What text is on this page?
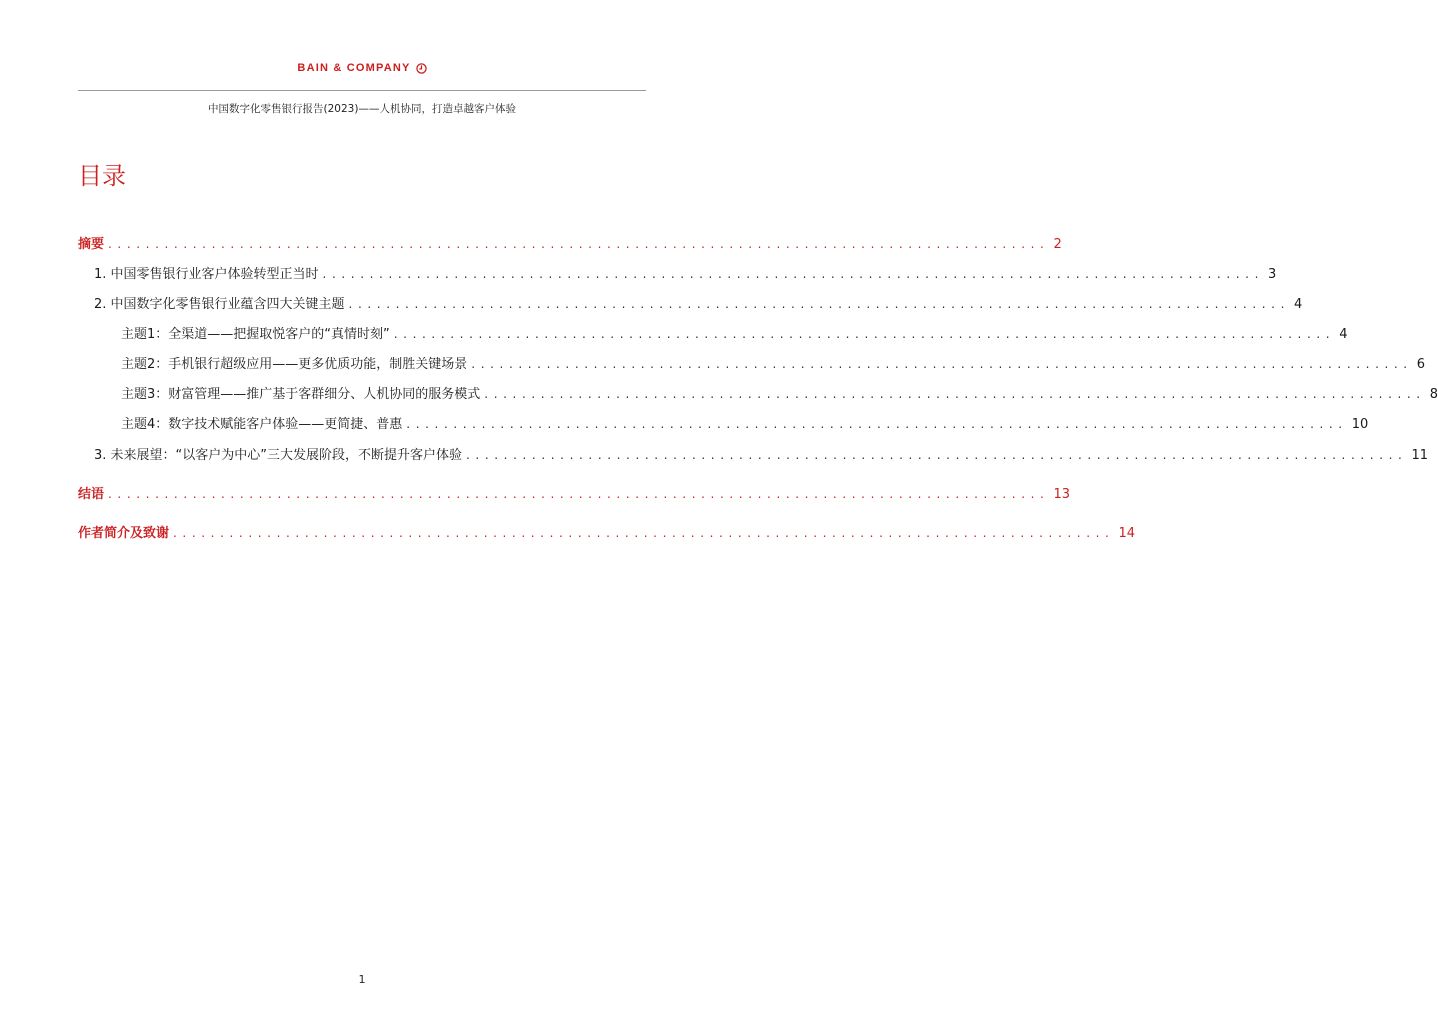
BAIN & COMPANY
中国数字化零售银行报告(2023)——人机协同，打造卓越客户体验
目录
摘要 .................................................................................................... 2
1. 中国零售银行业客户体验转型正当时 .................................................................................................... 3
2. 中国数字化零售银行业蕴含四大关键主题 .................................................................................................... 4
主题1：全渠道——把握取悦客户的“真情时刻” .................................................................................................... 4
主题2：手机银行超级应用——更多优质功能，制胜关键场景 .................................................................................................... 6
主题3：财富管理——推广基于客群细分、人机协同的服务模式 .................................................................................................... 8
主题4：数字技术赋能客户体验——更简捷、普惠 .................................................................................................... 10
3. 未来展望：“以客户为中心”三大发展阶段，不断提升客户体验 .................................................................................................... 11
结语 .................................................................................................... 13
作者简介及致谢 .................................................................................................... 14
1
